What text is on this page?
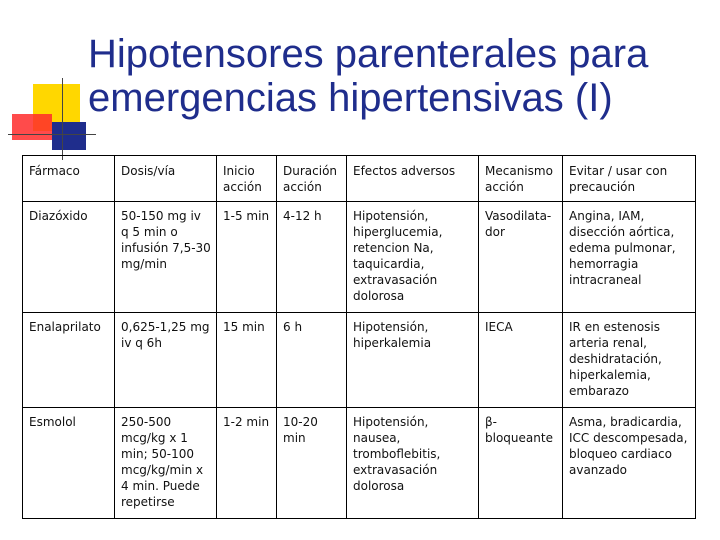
Hipotensores parenterales para
emergencias hipertensivas (I)
Fármaco	Dosis/vía	Inicio acción	Duración acción	Efectos adversos	Mecanismo acción	Evitar / usar con precaución
Diazóxido	50-150 mg iv q 5 min o infusión 7,5-30 mg/min	1-5 min	4-12 h	Hipotensión, hiperglucemia, retencion Na, taquicardia, extravasación dolorosa	Vasodilata-dor	Angina, IAM, disección aórtica, edema pulmonar, hemorragia intracraneal
Enalaprilato	0,625-1,25 mg iv q 6h	15 min	6 h	Hipotensión, hiperkalemia	IECA	IR en estenosis arteria renal, deshidratación, hiperkalemia, embarazo
Esmolol	250-500 mcg/kg x 1 min; 50-100 mcg/kg/min x 4 min. Puede repetirse	1-2 min	10-20 min	Hipotensión, nausea, tromboflebitis, extravasación dolorosa	β-bloqueante	Asma, bradicardia, ICC descompesada, bloqueo cardiaco avanzado
